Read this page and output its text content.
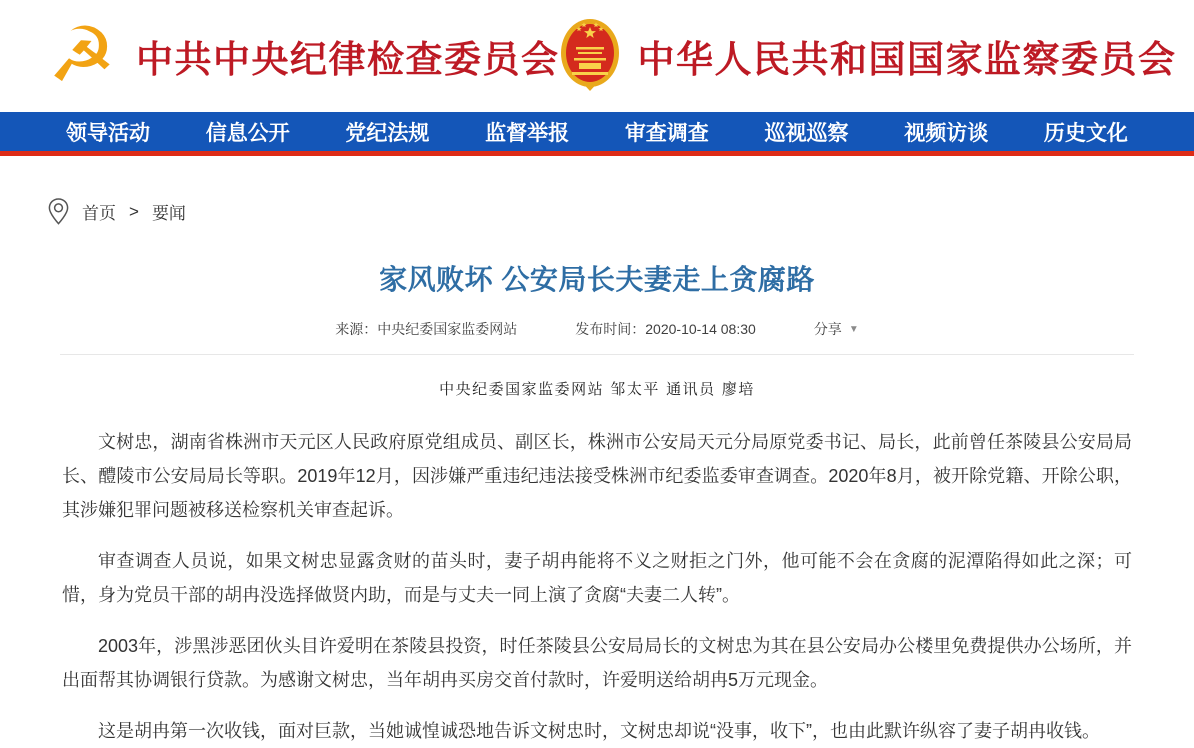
☭ 中共中央纪律检查委员会 中华人民共和国国家监察委员会
领导活动	信息公开	党纪法规	监督举报	审查调查	巡视巡察	视频访谈	历史文化
首页 > 要闻
家风败坏 公安局长夫妻走上贪腐路
来源：中央纪委国家监委网站	发布时间：2020-10-14 08:30	分享 ▼
中央纪委国家监委网站 邹太平 通讯员 廖培

文树忠，湖南省株洲市天元区人民政府原党组成员、副区长，株洲市公安局天元分局原党委书记、局长，此前曾任茶陵县公安局局长、醴陵市公安局局长等职。2019年12月，因涉嫌严重违纪违法接受株洲市纪委监委审查调查。2020年8月，被开除党籍、开除公职，其涉嫌犯罪问题被移送检察机关审查起诉。

审查调查人员说，如果文树忠显露贪财的苗头时，妻子胡冉能将不义之财拒之门外，他可能不会在贪腐的泥潭陷得如此之深；可惜，身为党员干部的胡冉没选择做贤内助，而是与丈夫一同上演了贪腐“夫妻二人转”。

2003年，涉黑涉恶团伙头目许爱明在茶陵县投资，时任茶陵县公安局局长的文树忠为其在县公安局办公楼里免费提供办公场所，并出面帮其协调银行贷款。为感谢文树忠，当年胡冉买房交首付款时，许爱明送给胡冉5万元现金。

这是胡冉第一次收钱，面对巨款，当她诚惶诚恐地告诉文树忠时，文树忠却说“没事，收下”，也由此默许纵容了妻子胡冉收钱。
